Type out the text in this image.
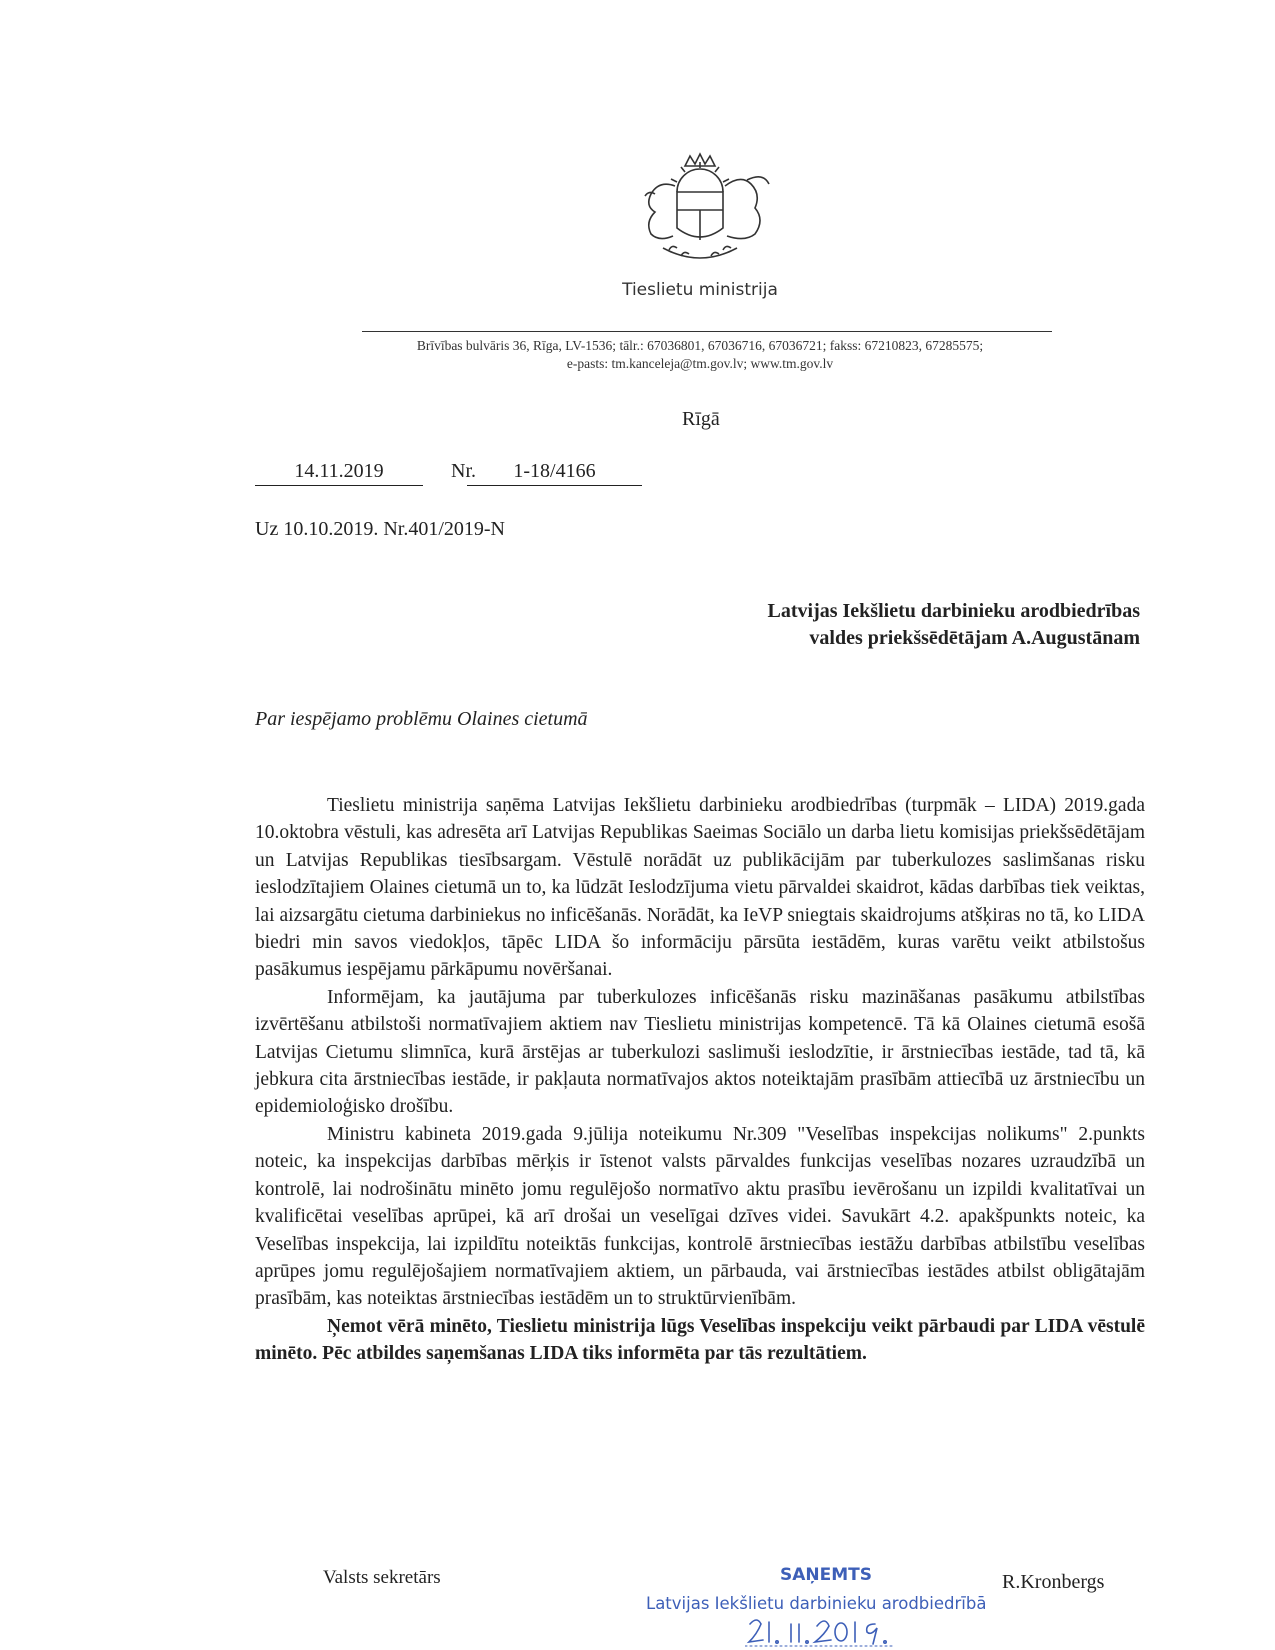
Tieslietu ministrija
Brīvības bulvāris 36, Rīga, LV-1536; tālr.: 67036801, 67036716, 67036721; fakss: 67210823, 67285575;
e-pasts: tm.kanceleja@tm.gov.lv; www.tm.gov.lv
Rīgā
14.11.2019	Nr.	1-18/4166
Uz 10.10.2019. Nr.401/2019-N
Latvijas Iekšlietu darbinieku arodbiedrības
valdes priekšsēdētājam A.Augustānam
Par iespējamo problēmu Olaines cietumā

Tieslietu ministrija saņēma Latvijas Iekšlietu darbinieku arodbiedrības (turpmāk – LIDA) 2019.gada 10.oktobra vēstuli, kas adresēta arī Latvijas Republikas Saeimas Sociālo un darba lietu komisijas priekšsēdētājam un Latvijas Republikas tiesībsargam. Vēstulē norādāt uz publikācijām par tuberkulozes saslimšanas risku ieslodzītajiem Olaines cietumā un to, ka lūdzāt Ieslodzījuma vietu pārvaldei skaidrot, kādas darbības tiek veiktas, lai aizsargātu cietuma darbiniekus no inficēšanās. Norādāt, ka IeVP sniegtais skaidrojums atšķiras no tā, ko LIDA biedri min savos viedokļos, tāpēc LIDA šo informāciju pārsūta iestādēm, kuras varētu veikt atbilstošus pasākumus iespējamu pārkāpumu novēršanai.

Informējam, ka jautājuma par tuberkulozes inficēšanās risku mazināšanas pasākumu atbilstības izvērtēšanu atbilstoši normatīvajiem aktiem nav Tieslietu ministrijas kompetencē. Tā kā Olaines cietumā esošā Latvijas Cietumu slimnīca, kurā ārstējas ar tuberkulozi saslimuši ieslodzītie, ir ārstniecības iestāde, tad tā, kā jebkura cita ārstniecības iestāde, ir pakļauta normatīvajos aktos noteiktajām prasībām attiecībā uz ārstniecību un epidemioloģisko drošību.

Ministru kabineta 2019.gada 9.jūlija noteikumu Nr.309 "Veselības inspekcijas nolikums" 2.punkts noteic, ka inspekcijas darbības mērķis ir īstenot valsts pārvaldes funkcijas veselības nozares uzraudzībā un kontrolē, lai nodrošinātu minēto jomu regulējošo normatīvo aktu prasību ievērošanu un izpildi kvalitatīvai un kvalificētai veselības aprūpei, kā arī drošai un veselīgai dzīves videi. Savukārt 4.2. apakšpunkts noteic, ka Veselības inspekcija, lai izpildītu noteiktās funkcijas, kontrolē ārstniecības iestāžu darbības atbilstību veselības aprūpes jomu regulējošajiem normatīvajiem aktiem, un pārbauda, vai ārstniecības iestādes atbilst obligātajām prasībām, kas noteiktas ārstniecības iestādēm un to struktūrvienībām.

Ņemot vērā minēto, Tieslietu ministrija lūgs Veselības inspekciju veikt pārbaudi par LIDA vēstulē minēto. Pēc atbildes saņemšanas LIDA tiks informēta par tās rezultātiem.

Valsts sekretārs	SAŅEMTS	R.Kronbergs
Latvijas Iekšlietu darbinieku arodbiedrībā
